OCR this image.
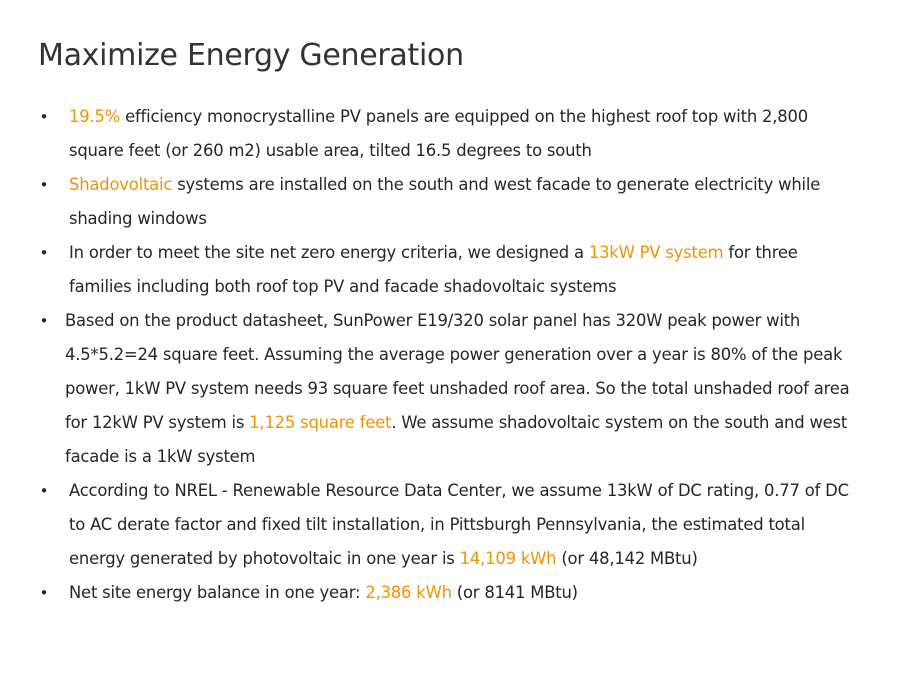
Maximize Energy Generation
• 19.5% efficiency monocrystalline PV panels are equipped on the highest roof top with 2,800 square feet (or 260 m2) usable area, tilted 16.5 degrees to south
• Shadovoltaic systems are installed on the south and west facade to generate electricity while shading windows
• In order to meet the site net zero energy criteria, we designed a 13kW PV system for three families including both roof top PV and facade shadovoltaic systems
• Based on the product datasheet, SunPower E19/320 solar panel has 320W peak power with 4.5*5.2=24 square feet. Assuming the average power generation over a year is 80% of the peak power, 1kW PV system needs 93 square feet unshaded roof area. So the total unshaded roof area for 12kW PV system is 1,125 square feet. We assume shadovoltaic system on the south and west facade is a 1kW system
• According to NREL - Renewable Resource Data Center, we assume 13kW of DC rating, 0.77 of DC to AC derate factor and fixed tilt installation, in Pittsburgh Pennsylvania, the estimated total energy generated by photovoltaic in one year is 14,109 kWh (or 48,142 MBtu)
• Net site energy balance in one year: 2,386 kWh (or 8141 MBtu)
